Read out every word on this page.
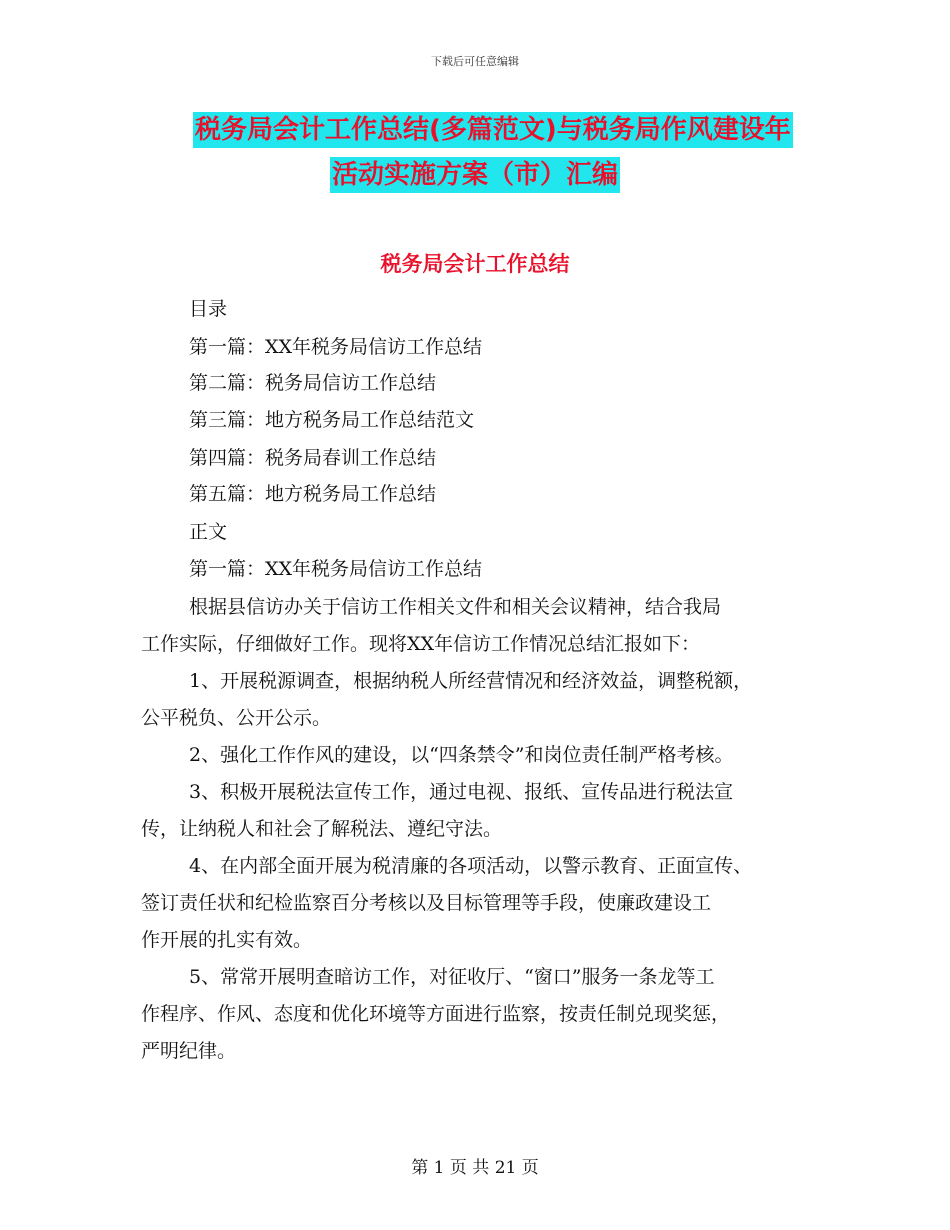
下载后可任意编辑
税务局会计工作总结(多篇范文)与税务局作风建设年
活动实施方案（市）汇编
税务局会计工作总结
目录
第一篇：XX年税务局信访工作总结
第二篇：税务局信访工作总结
第三篇：地方税务局工作总结范文
第四篇：税务局春训工作总结
第五篇：地方税务局工作总结
正文
第一篇：XX年税务局信访工作总结
根据县信访办关于信访工作相关文件和相关会议精神，结合我局
工作实际，仔细做好工作。现将XX年信访工作情况总结汇报如下：
1、开展税源调查，根据纳税人所经营情况和经济效益，调整税额，
公平税负、公开公示。
2、强化工作作风的建设，以“四条禁令”和岗位责任制严格考核。
3、积极开展税法宣传工作，通过电视、报纸、宣传品进行税法宣
传，让纳税人和社会了解税法、遵纪守法。
4、在内部全面开展为税清廉的各项活动，以警示教育、正面宣传、
签订责任状和纪检监察百分考核以及目标管理等手段，使廉政建设工
作开展的扎实有效。
5、常常开展明查暗访工作，对征收厅、“窗口”服务一条龙等工
作程序、作风、态度和优化环境等方面进行监察，按责任制兑现奖惩，
严明纪律。
第 1 页 共 21 页
